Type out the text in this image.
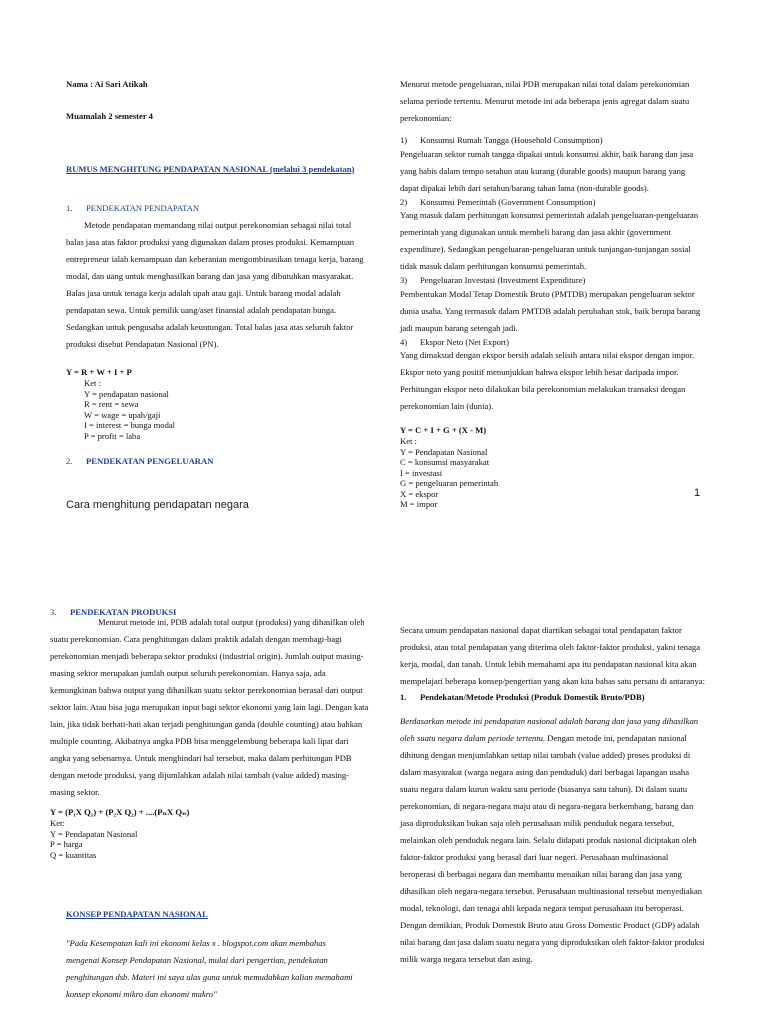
Nama : Ai Sari Atikah

Muamalah 2 semester 4

RUMUS MENGHITUNG PENDAPATAN NASIONAL (melalui 3 pendekatan)

1. PENDEKATAN PENDAPATAN

Metode pendapatan memandang nilai output perekonomian sebagai nilai total balas jasa atas faktor produksi yang digunakan dalam proses produksi. Kemampuan entrepreneur ialah kemampuan dan keberanian mengombinasikan tenaga kerja, barang modal, dan uang untuk menghasilkan barang dan jasa yang dibutuhkan masyarakat. Balas jasa untuk tenaga kerja adalah upah atau gaji. Untuk barang modal adalah pendapatan sewa. Untuk pemilik uang/aset finansial adalah pendapatan bunga. Sedangkan untuk pengusaha adalah keuntungan. Total balas jasa atas seluruh faktor produksi disebut Pendapatan Nasional (PN).

Y = R + W + I + P

Ket :

Y = pendapatan nasional

R = rent = sewa

W = wage = upah/gaji

I = interest = bunga modal

P = profit = laba

2. PENDEKATAN PENGELUARAN

Menurut metode pengeluaran, nilai PDB merupakan nilai total dalam perekonomian selama periode tertentu. Menurut metode ini ada beberapa jenis agregat dalam suatu perekonomian:

1) Konsumsi Rumah Tangga (Household Consumption)

Pengeluaran sektor rumah tangga dipakai untuk konsumsi akhir, baik barang dan jasa yang habis dalam tempo setahun atau kurang (durable goods) maupun barang yang dapat dipakai lebih dari setahun/barang tahan lama (non-durable goods).

2) Konsumsi Pemerintah (Government Consumption)

Yang masuk dalam perhitungan konsumsi pemerintah adalah pengeluaran-pengeluaran pemerintah yang digunakan untuk membeli barang dan jasa akhir (government expenditure). Sedangkan pengeluaran-pengeluaran untuk tunjangan-tunjangan sosial tidak masuk dalam perhitungan konsumsi pemerintah.

3) Pengeluaran Investasi (Investment Expenditure)

Pembentukan Modal Tetap Domestik Bruto (PMTDB) merupakan pengeluaran sektor dunia usaha. Yang termasuk dalam PMTDB adalah perubahan stok, baik berupa barang jadi maupun barang setengah jadi.

4) Ekspor Neto (Net Export)

Yang dimaksud dengan ekspor bersih adalah selisih antara nilai ekspor dengan impor. Ekspor neto yang positif menunjukkan bahwa ekspor lebih besar daripada impor. Perhitungan ekspor neto dilakukan bila perekonomian melakukan transaksi dengan perekonomian lain (dunia).

Y = C + I + G + (X - M)

Ket :

Y = Pendapatan Nasional

C = konsumsi masyarakat

I = investasi

G = pengeluaran pemerintah

X = ekspor

M = impor

1
Cara menghitung pendapatan negara

3. PENDEKATAN PRODUKSI

Menurut metode ini, PDB adalah total output (produksi) yang dihasilkan oleh suatu perekonomian. Cara penghitungan dalam praktik adalah dengan membagi-bagi perekonomian menjadi beberapa sektor produksi (industrial origin). Jumlah output masing-masing sektor merupakan jumlah output seluruh perekonomian. Hanya saja, ada kemungkinan bahwa output yang dihasilkan suatu sektor perekonomian berasal dari output sektor lain. Atau bisa juga merupakan input bagi sektor ekonomi yang lain lagi. Dengan kata lain, jika tidak berhati-hati akan terjadi penghitungan ganda (double counting) atau bahkan multiple counting. Akibatnya angka PDB bisa menggelembung beberapa kali lipat dari angka yang sebenarnya. Untuk menghindari hal tersebut, maka dalam perhitungan PDB dengan metode produksi, yang dijumlahkan adalah nilai tambah (value added) masing-masing sektor.

Y = (P₁X Q₁) + (P₂X Q₂) + ....(PₙX Qₙ)

Ket:

Y = Pendapatan Nasional

P = harga

Q = kuantitas

KONSEP PENDAPATAN NASIONAL

"Pada Kesempatan kali ini ekonomi kelas x . blogspot.com akan membahas mengenai Konsep Pendapatan Nasional, mulai dari pengertian, pendekatan penghitungan dsb. Materi ini saya ulas guna untuk memudahkan kalian memahami konsep ekonomi mikro dan ekonomi makro"

Secara umum pendapatan nasional dapat diartikan sebagai total pendapatan faktor produksi, atau total pendapatan yang diterima oleh faktor-faktor produksi, yakni tenaga kerja, modal, dan tanah. Untuk lebih memahami apa itu pendapatan nasional kita akan mempelajari beberapa konsep/pengertian yang akan kita bahas satu persatu di antaranya:

1. Pendekatan/Metode Produksi (Produk Domestik Bruto/PDB)

Berdasarkan metode ini pendapatan nasional adalah barang dan jasa yang dihasilkan oleh suatu negara dalam periode tertentu. Dengan metode ini, pendapatan nasional dihitung dengan menjumlahkan setiap nilai tambah (value added) proses produksi di dalam masyarakat (warga negara asing dan penduduk) dari berbagai lapangan usaha suatu negara dalam kurun waktu satu periode (biasanya satu tahun). Di dalam suatu perekonomian, di negara-negara maju atau di negara-negara berkembang, barang dan jasa diproduksikan bukan saja oleh perusahaan milik penduduk negara tersebut, melainkan oleh penduduk negara lain. Selalu didapati produk nasional diciptakan oleh faktor-faktor produksi yang berasal dari luar negeri. Perusahaan multinasional beroperasi di berbagai negara dan membantu menaikan nilai barang dan jasa yang dihasilkan oleh negara-negara tersebut. Perusahaan multinasional tersebut menyediakan modal, teknologi, dan tenaga ahli kepada negara tempat perusahaan itu beroperasi. Dengan demikian, Produk Domestik Bruto atau Gross Domestic Product (GDP) adalah nilai barang dan jasa dalam suatu negara yang diproduksikan oleh faktor-faktor produksi milik warga negara tersebut dan asing.
